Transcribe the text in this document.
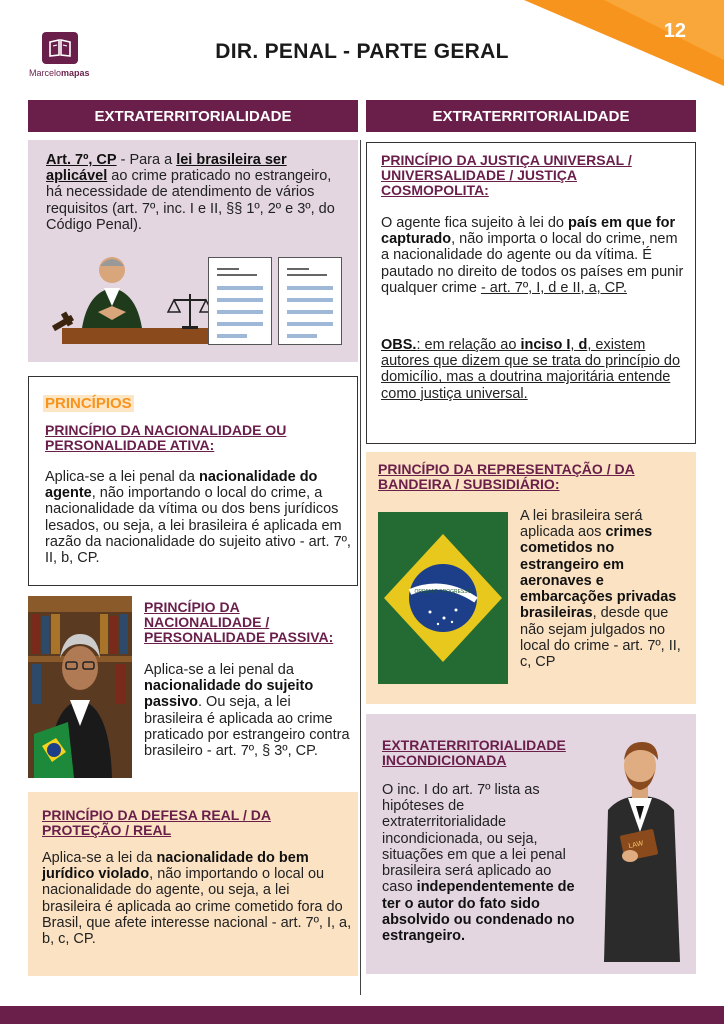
12
Marcelomapas
DIR. PENAL - PARTE GERAL
EXTRATERRITORIALIDADE	EXTRATERRITORIALIDADE
Art. 7º, CP - Para a lei brasileira ser aplicável ao crime praticado no estrangeiro, há necessidade de atendimento de vários requisitos (art. 7º, inc. I e II, §§ 1º, 2º e 3º, do Código Penal).
PRINCÍPIOS
PRINCÍPIO DA NACIONALIDADE OU PERSONALIDADE ATIVA:
Aplica-se a lei penal da nacionalidade do agente, não importando o local do crime, a nacionalidade da vítima ou dos bens jurídicos lesados, ou seja, a lei brasileira é aplicada em razão da nacionalidade do sujeito ativo - art. 7º, II, b, CP.
PRINCÍPIO DA NACIONALIDADE / PERSONALIDADE PASSIVA:
Aplica-se a lei penal da nacionalidade do sujeito passivo. Ou seja, a lei brasileira é aplicada ao crime praticado por estrangeiro contra brasileiro - art. 7º, § 3º, CP.
PRINCÍPIO DA DEFESA REAL / DA PROTEÇÃO / REAL
Aplica-se a lei da nacionalidade do bem jurídico violado, não importando o local ou nacionalidade do agente, ou seja, a lei brasileira é aplicada ao crime cometido fora do Brasil, que afete interesse nacional - art. 7º, I, a, b, c, CP.
PRINCÍPIO DA JUSTIÇA UNIVERSAL / UNIVERSALIDADE / JUSTIÇA COSMOPOLITA:
O agente fica sujeito à lei do país em que for capturado, não importa o local do crime, nem a nacionalidade do agente ou da vítima. É pautado no direito de todos os países em punir qualquer crime - art. 7º, I, d e II, a, CP.
OBS.: em relação ao inciso I, d, existem autores que dizem que se trata do princípio do domicílio, mas a doutrina majoritária entende como justiça universal.
PRINCÍPIO DA REPRESENTAÇÃO / DA BANDEIRA / SUBSIDIÁRIO:
ORDEM E PROGRESSO
A lei brasileira será aplicada aos crimes cometidos no estrangeiro em aeronaves e embarcações privadas brasileiras, desde que não sejam julgados no local do crime - art. 7º, II, c, CP
EXTRATERRITORIALIDADE INCONDICIONADA
O inc. I do art. 7º lista as hipóteses de extraterritorialidade incondicionada, ou seja, situações em que a lei penal brasileira será aplicado ao caso independentemente de ter o autor do fato sido absolvido ou condenado no estrangeiro.
LAW
